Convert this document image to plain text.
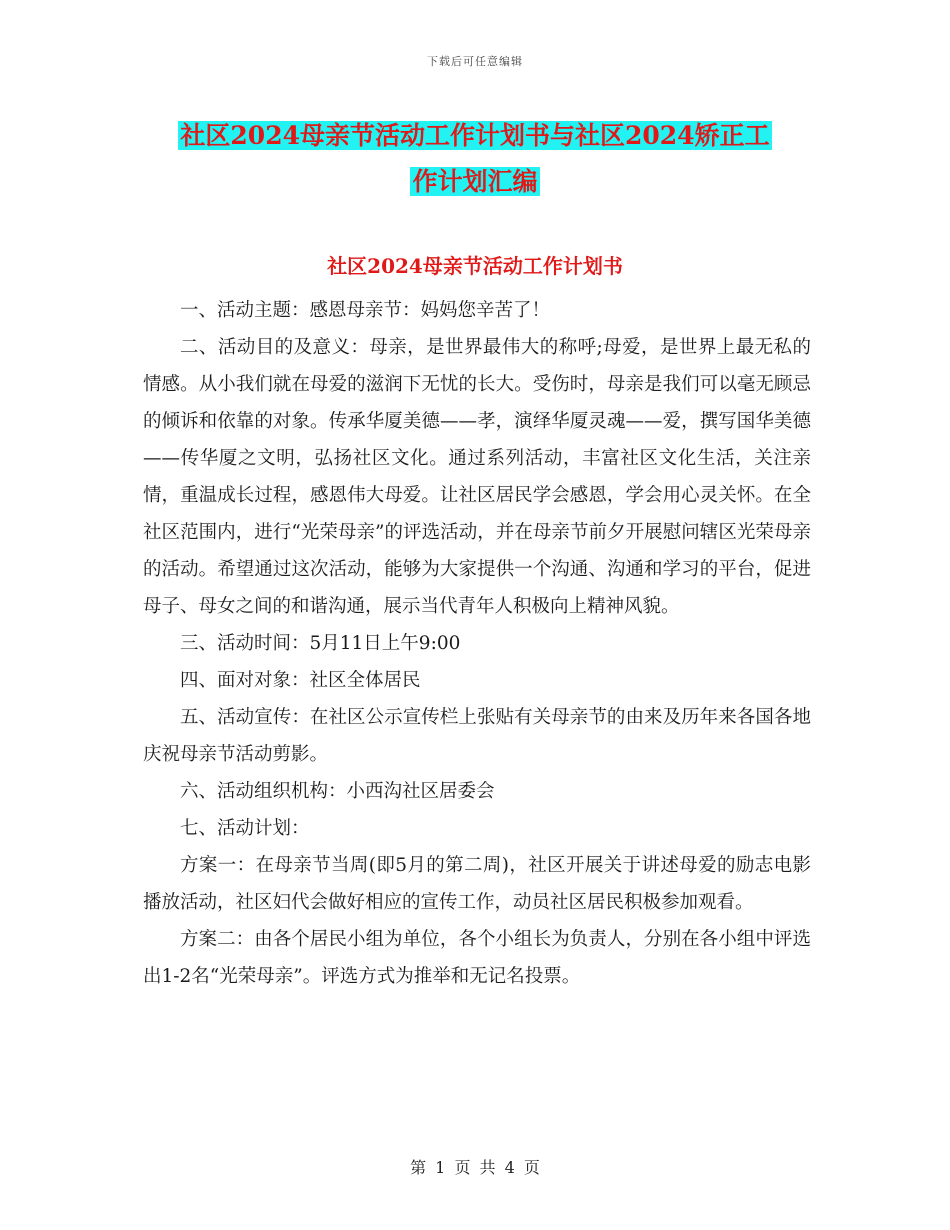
下载后可任意编辑
社区2024母亲节活动工作计划书与社区2024矫正工
作计划汇编
社区2024母亲节活动工作计划书

一、活动主题：感恩母亲节：妈妈您辛苦了！

二、活动目的及意义：母亲，是世界最伟大的称呼;母爱，是世界上最无私的情感。从小我们就在母爱的滋润下无忧的长大。受伤时，母亲是我们可以毫无顾忌的倾诉和依靠的对象。传承华厦美德——孝，演绎华厦灵魂——爱，撰写国华美德——传华厦之文明，弘扬社区文化。通过系列活动，丰富社区文化生活，关注亲情，重温成长过程，感恩伟大母爱。让社区居民学会感恩，学会用心灵关怀。在全社区范围内，进行“光荣母亲”的评选活动，并在母亲节前夕开展慰问辖区光荣母亲的活动。希望通过这次活动，能够为大家提供一个沟通、沟通和学习的平台，促进母子、母女之间的和谐沟通，展示当代青年人积极向上精神风貌。

三、活动时间：5月11日上午9:00

四、面对对象：社区全体居民

五、活动宣传：在社区公示宣传栏上张贴有关母亲节的由来及历年来各国各地庆祝母亲节活动剪影。

六、活动组织机构：小西沟社区居委会

七、活动计划：

方案一：在母亲节当周(即5月的第二周)，社区开展关于讲述母爱的励志电影播放活动，社区妇代会做好相应的宣传工作，动员社区居民积极参加观看。

方案二：由各个居民小组为单位，各个小组长为负责人，分别在各小组中评选出1-2名“光荣母亲”。评选方式为推举和无记名投票。

第 1 页 共 4 页
